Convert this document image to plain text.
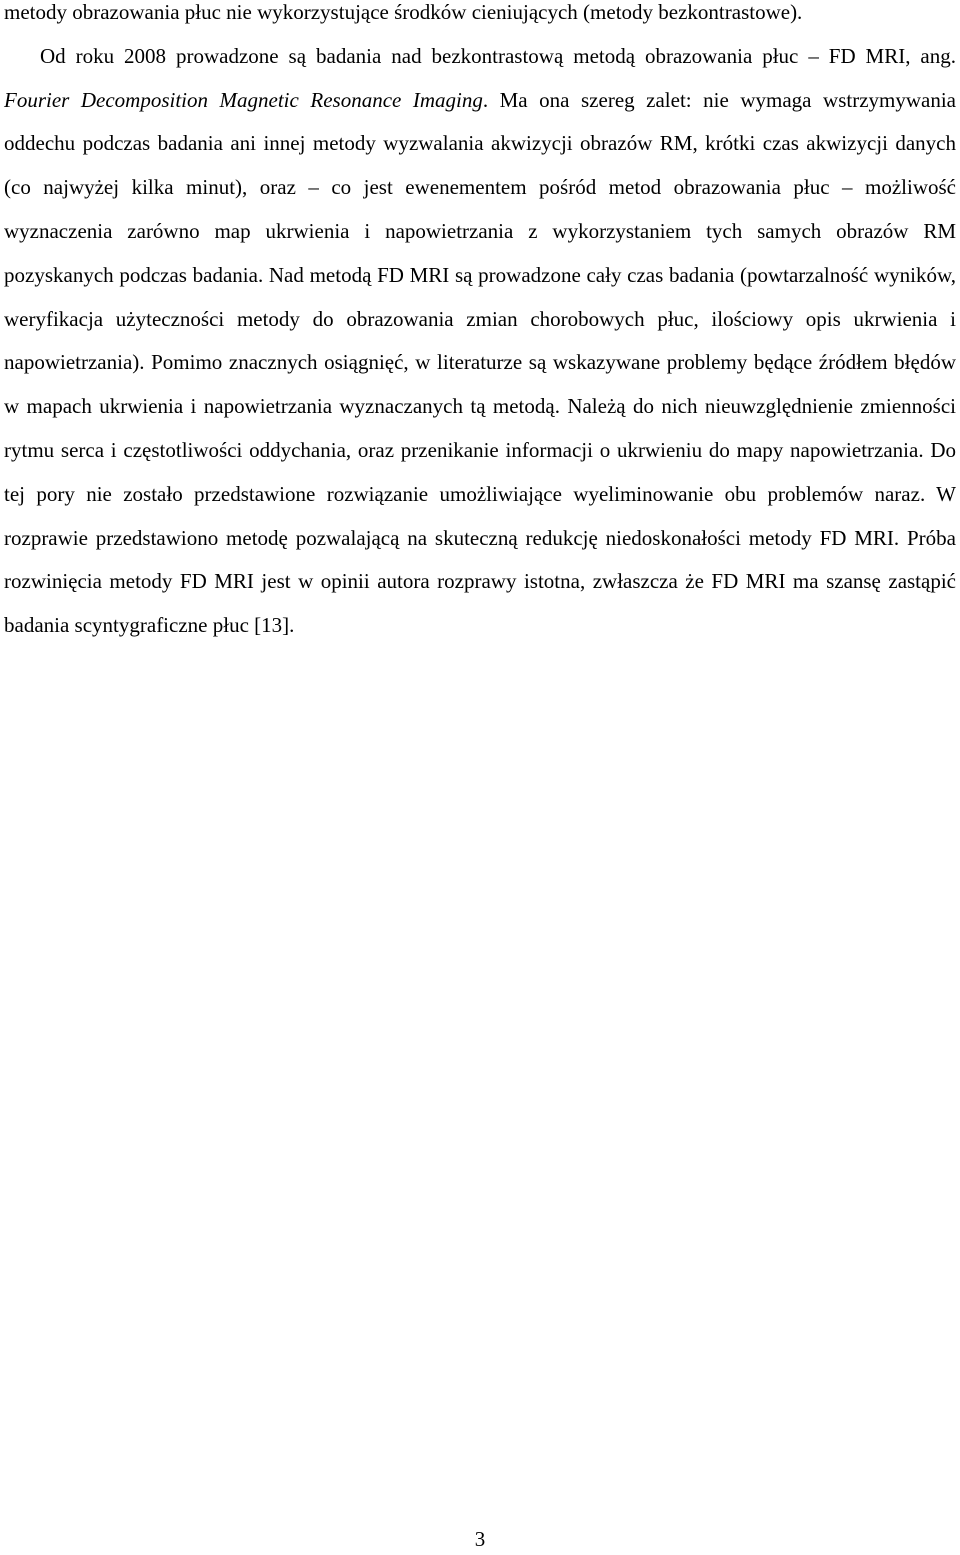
metody obrazowania płuc nie wykorzystujące środków cieniujących (metody bezkontrastowe).

Od roku 2008 prowadzone są badania nad bezkontrastową metodą obrazowania płuc – FD MRI, ang. Fourier Decomposition Magnetic Resonance Imaging. Ma ona szereg zalet: nie wymaga wstrzymywania oddechu podczas badania ani innej metody wyzwalania akwizycji obrazów RM, krótki czas akwizycji danych (co najwyżej kilka minut), oraz – co jest ewenementem pośród metod obrazowania płuc – możliwość wyznaczenia zarówno map ukrwienia i napowietrzania z wykorzystaniem tych samych obrazów RM pozyskanych podczas badania. Nad metodą FD MRI są prowadzone cały czas badania (powtarzalność wyników, weryfikacja użyteczności metody do obrazowania zmian chorobowych płuc, ilościowy opis ukrwienia i napowietrzania). Pomimo znacznych osiągnięć, w literaturze są wskazywane problemy będące źródłem błędów w mapach ukrwienia i napowietrzania wyznaczanych tą metodą. Należą do nich nieuwzględnienie zmienności rytmu serca i częstotliwości oddychania, oraz przenikanie informacji o ukrwieniu do mapy napowietrzania. Do tej pory nie zostało przedstawione rozwiązanie umożliwiające wyeliminowanie obu problemów naraz. W rozprawie przedstawiono metodę pozwalającą na skuteczną redukcję niedoskonałości metody FD MRI. Próba rozwinięcia metody FD MRI jest w opinii autora rozprawy istotna, zwłaszcza że FD MRI ma szansę zastąpić badania scyntygraficzne płuc [13].

3
